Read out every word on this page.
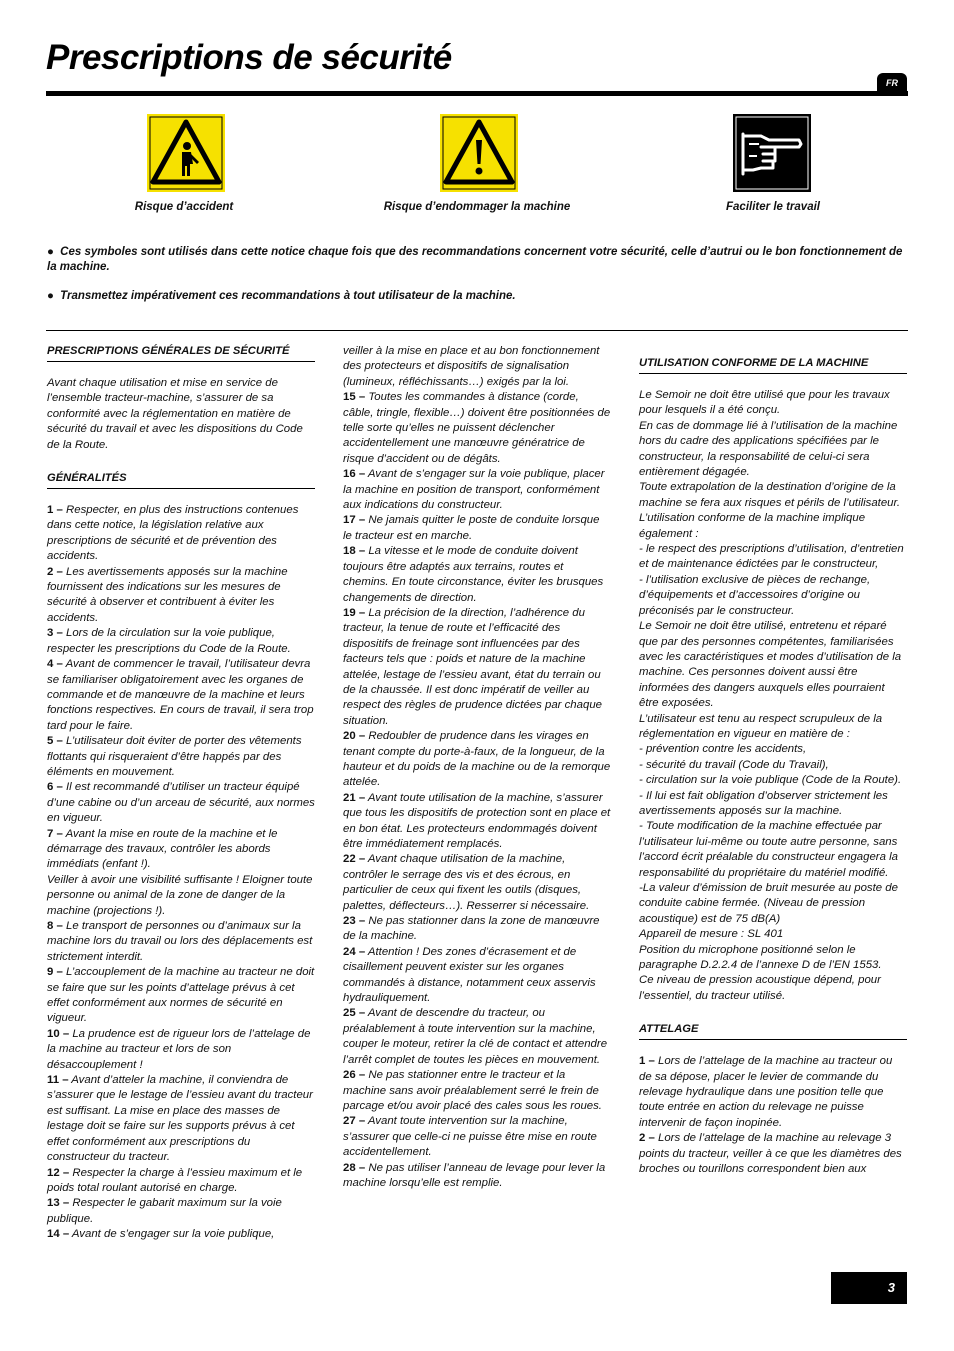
Prescriptions de sécurité
FR
Risque d’accident	Risque d’endommager la machine	Faciliter le travail

● Ces symboles sont utilisés dans cette notice chaque fois que des recommandations concernent votre sécurité, celle d’autrui ou le bon fonctionnement de la machine.

● Transmettez impérativement ces recommandations à tout utilisateur de la machine.

PRESCRIPTIONS GÉNÉRALES DE SÉCURITÉ

Avant chaque utilisation et mise en service de l’ensemble tracteur-machine, s’assurer de sa conformité avec la réglementation en matière de sécurité du travail et avec les dispositions du Code de la Route.

GÉNÉRALITÉS

1 – Respecter, en plus des instructions contenues dans cette notice, la législation relative aux prescriptions de sécurité et de prévention des accidents.

2 – Les avertissements apposés sur la machine fournissent des indications sur les mesures de sécurité à observer et contribuent à éviter les accidents.

3 – Lors de la circulation sur la voie publique, respecter les prescriptions du Code de la Route.

4 – Avant de commencer le travail, l’utilisateur devra se familiariser obligatoirement avec les organes de commande et de manœuvre de la machine et leurs fonctions respectives. En cours de travail, il sera trop tard pour le faire.

5 – L’utilisateur doit éviter de porter des vêtements flottants qui risqueraient d’être happés par des éléments en mouvement.

6 – Il est recommandé d’utiliser un tracteur équipé d’une cabine ou d’un arceau de sécurité, aux normes en vigueur.

7 – Avant la mise en route de la machine et le démarrage des travaux, contrôler les abords immédiats (enfant !).

Veiller à avoir une visibilité suffisante ! Eloigner toute personne ou animal de la zone de danger de la machine (projections !).

8 – Le transport de personnes ou d’animaux sur la machine lors du travail ou lors des déplacements est strictement interdit.

9 – L’accouplement de la machine au tracteur ne doit se faire que sur les points d’attelage prévus à cet effet conformément aux normes de sécurité en vigueur.

10 – La prudence est de rigueur lors de l’attelage de la machine au tracteur et lors de son désaccouplement !

11 – Avant d’atteler la machine, il conviendra de s’assurer que le lestage de l’essieu avant du tracteur est suffisant. La mise en place des masses de lestage doit se faire sur les supports prévus à cet effet conformément aux prescriptions du constructeur du tracteur.

12 – Respecter la charge à l’essieu maximum et le poids total roulant autorisé en charge.

13 – Respecter le gabarit maximum sur la voie publique.

14 – Avant de s’engager sur la voie publique,

veiller à la mise en place et au bon fonctionnement des protecteurs et dispositifs de signalisation (lumineux, réfléchissants…) exigés par la loi.

15 – Toutes les commandes à distance (corde, câble, tringle, flexible…) doivent être positionnées de telle sorte qu’elles ne puissent déclencher accidentellement une manœuvre génératrice de risque d’accident ou de dégâts.

16 – Avant de s’engager sur la voie publique, placer la machine en position de transport, conformément aux indications du constructeur.

17 – Ne jamais quitter le poste de conduite lorsque le tracteur est en marche.

18 – La vitesse et le mode de conduite doivent toujours être adaptés aux terrains, routes et chemins. En toute circonstance, éviter les brusques changements de direction.

19 – La précision de la direction, l’adhérence du tracteur, la tenue de route et l’efficacité des dispositifs de freinage sont influencées par des facteurs tels que : poids et nature de la machine attelée, lestage de l’essieu avant, état du terrain ou de la chaussée. Il est donc impératif de veiller au respect des règles de prudence dictées par chaque situation.

20 – Redoubler de prudence dans les virages en tenant compte du porte-à-faux, de la longueur, de la hauteur et du poids de la machine ou de la remorque attelée.

21 – Avant toute utilisation de la machine, s’assurer que tous les dispositifs de protection sont en place et en bon état. Les protecteurs endommagés doivent être immédiatement remplacés.

22 – Avant chaque utilisation de la machine, contrôler le serrage des vis et des écrous, en particulier de ceux qui fixent les outils (disques, palettes, déflecteurs…). Resserrer si nécessaire.

23 – Ne pas stationner dans la zone de manœuvre de la machine.

24 – Attention ! Des zones d’écrasement et de cisaillement peuvent exister sur les organes commandés à distance, notamment ceux asservis hydrauliquement.

25 – Avant de descendre du tracteur, ou préalablement à toute intervention sur la machine, couper le moteur, retirer la clé de contact et attendre l’arrêt complet de toutes les pièces en mouvement.

26 – Ne pas stationner entre le tracteur et la machine sans avoir préalablement serré le frein de parcage et/ou avoir placé des cales sous les roues.

27 – Avant toute intervention sur la machine, s’assurer que celle-ci ne puisse être mise en route accidentellement.

28 – Ne pas utiliser l’anneau de levage pour lever la machine lorsqu’elle est remplie.

UTILISATION CONFORME DE LA MACHINE

Le Semoir ne doit être utilisé que pour les travaux pour lesquels il a été conçu.

En cas de dommage lié à l’utilisation de la machine hors du cadre des applications spécifiées par le constructeur, la responsabilité de celui-ci sera entièrement dégagée.

Toute extrapolation de la destination d’origine de la machine se fera aux risques et périls de l’utilisateur.

L’utilisation conforme de la machine implique également :

- le respect des prescriptions d’utilisation, d’entretien et de maintenance édictées par le constructeur,

- l’utilisation exclusive de pièces de rechange, d’équipements et d’accessoires d’origine ou préconisés par le constructeur.

Le Semoir ne doit être utilisé, entretenu et réparé que par des personnes compétentes, familiarisées avec les caractéristiques et modes d’utilisation de la machine. Ces personnes doivent aussi être informées des dangers auxquels elles pourraient être exposées.

L’utilisateur est tenu au respect scrupuleux de la réglementation en vigueur en matière de :

- prévention contre les accidents,

- sécurité du travail (Code du Travail),

- circulation sur la voie publique (Code de la Route).

- Il lui est fait obligation d’observer strictement les avertissements apposés sur la machine.

- Toute modification de la machine effectuée par l’utilisateur lui-même ou toute autre personne, sans l’accord écrit préalable du constructeur engagera la responsabilité du propriétaire du matériel modifié.

-La valeur d’émission de bruit mesurée au poste de conduite cabine fermée. (Niveau de pression acoustique) est de 75 dB(A)

Appareil de mesure : SL 401

Position du microphone positionné selon le paragraphe D.2.2.4 de l’annexe D de l’EN 1553.

Ce niveau de pression acoustique dépend, pour l’essentiel, du tracteur utilisé.

ATTELAGE

1 – Lors de l’attelage de la machine au tracteur ou de sa dépose, placer le levier de commande du relevage hydraulique dans une position telle que toute entrée en action du relevage ne puisse intervenir de façon inopinée.

2 – Lors de l’attelage de la machine au relevage 3 points du tracteur, veiller à ce que les diamètres des broches ou tourillons correspondent bien aux

3
